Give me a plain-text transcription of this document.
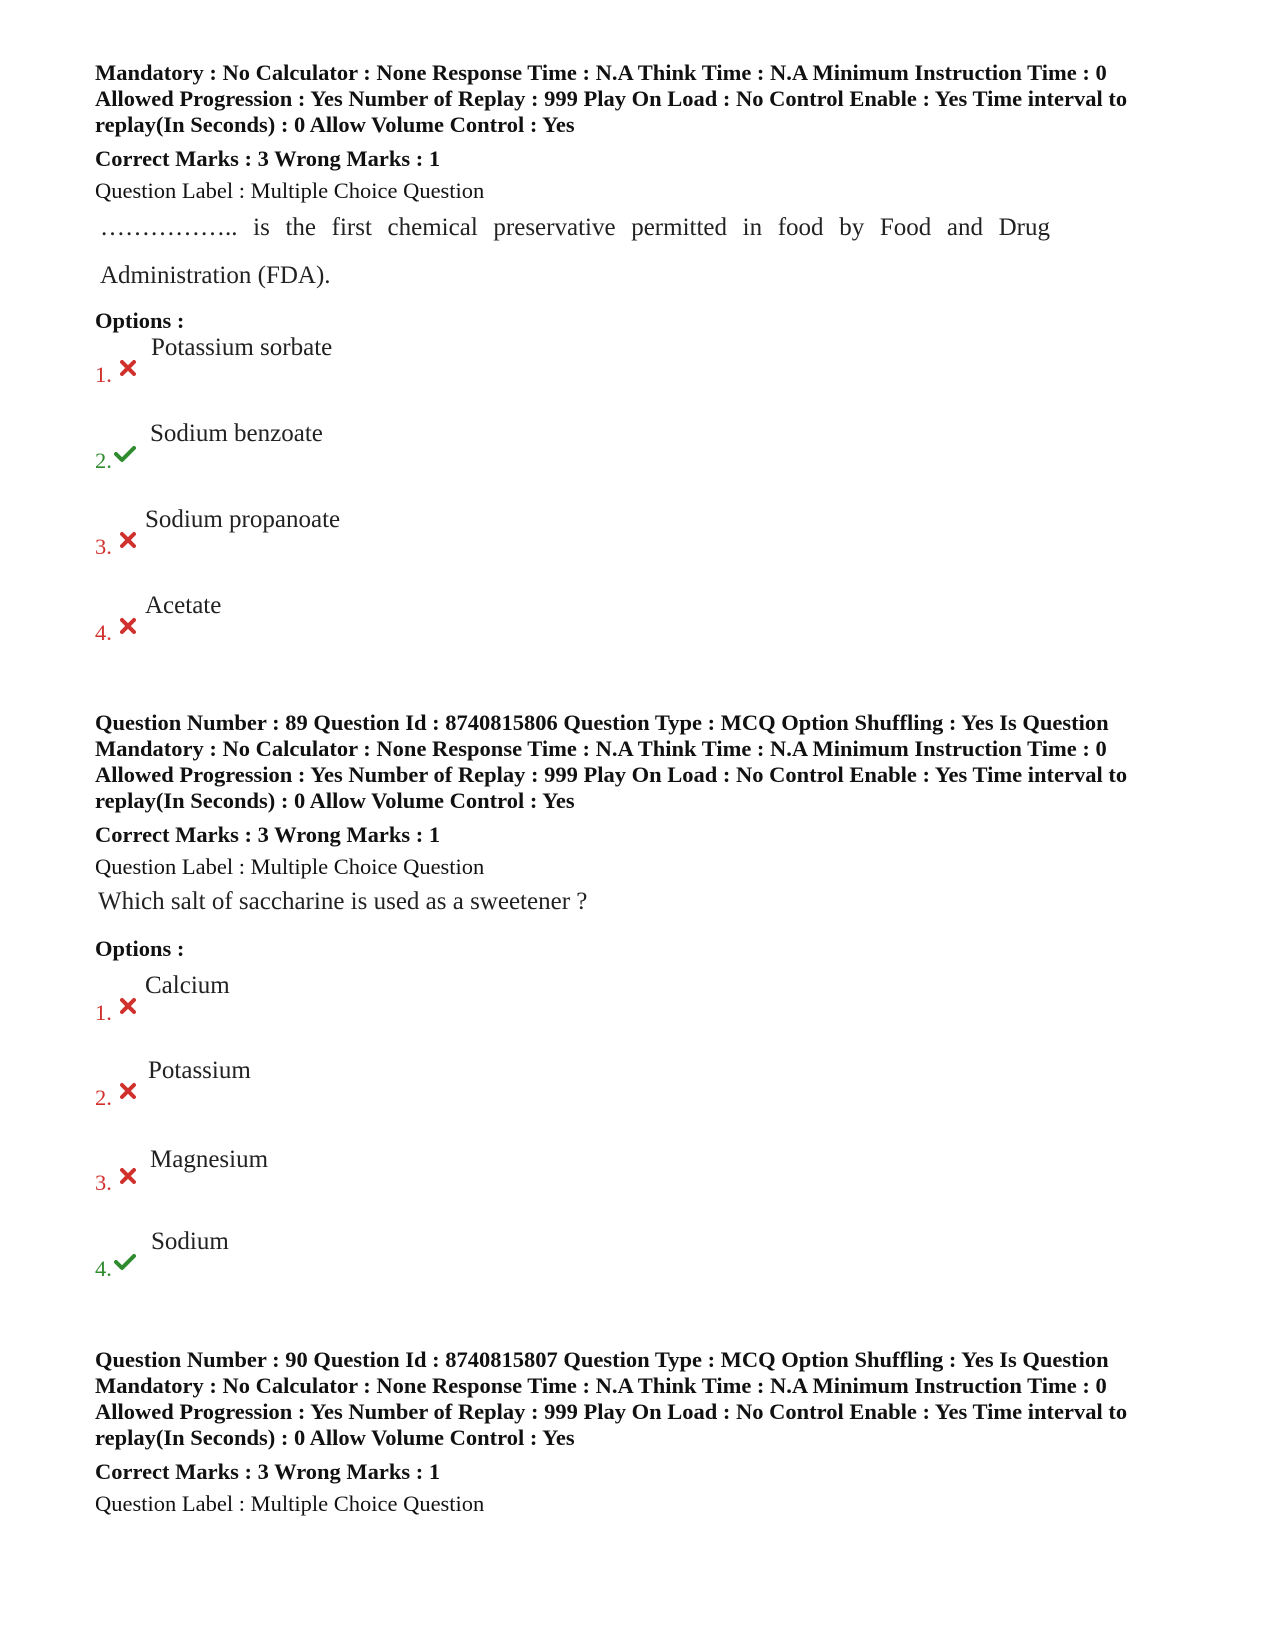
Mandatory : No Calculator : None Response Time : N.A Think Time : N.A Minimum Instruction Time : 0
Allowed Progression : Yes Number of Replay : 999 Play On Load : No Control Enable : Yes Time interval to
replay(In Seconds) : 0 Allow Volume Control : Yes
Correct Marks : 3 Wrong Marks : 1
Question Label : Multiple Choice Question
…………….. is the first chemical preservative permitted in food by Food and Drug
Administration (FDA).
Options :
1.
Potassium sorbate
2.
Sodium benzoate
3.
Sodium propanoate
4.
Acetate
Question Number : 89 Question Id : 8740815806 Question Type : MCQ Option Shuffling : Yes Is Question
Mandatory : No Calculator : None Response Time : N.A Think Time : N.A Minimum Instruction Time : 0
Allowed Progression : Yes Number of Replay : 999 Play On Load : No Control Enable : Yes Time interval to
replay(In Seconds) : 0 Allow Volume Control : Yes
Correct Marks : 3 Wrong Marks : 1
Question Label : Multiple Choice Question
Which salt of saccharine is used as a sweetener ?
Options :
1.
Calcium
2.
Potassium
3.
Magnesium
4.
Sodium
Question Number : 90 Question Id : 8740815807 Question Type : MCQ Option Shuffling : Yes Is Question
Mandatory : No Calculator : None Response Time : N.A Think Time : N.A Minimum Instruction Time : 0
Allowed Progression : Yes Number of Replay : 999 Play On Load : No Control Enable : Yes Time interval to
replay(In Seconds) : 0 Allow Volume Control : Yes
Correct Marks : 3 Wrong Marks : 1
Question Label : Multiple Choice Question
